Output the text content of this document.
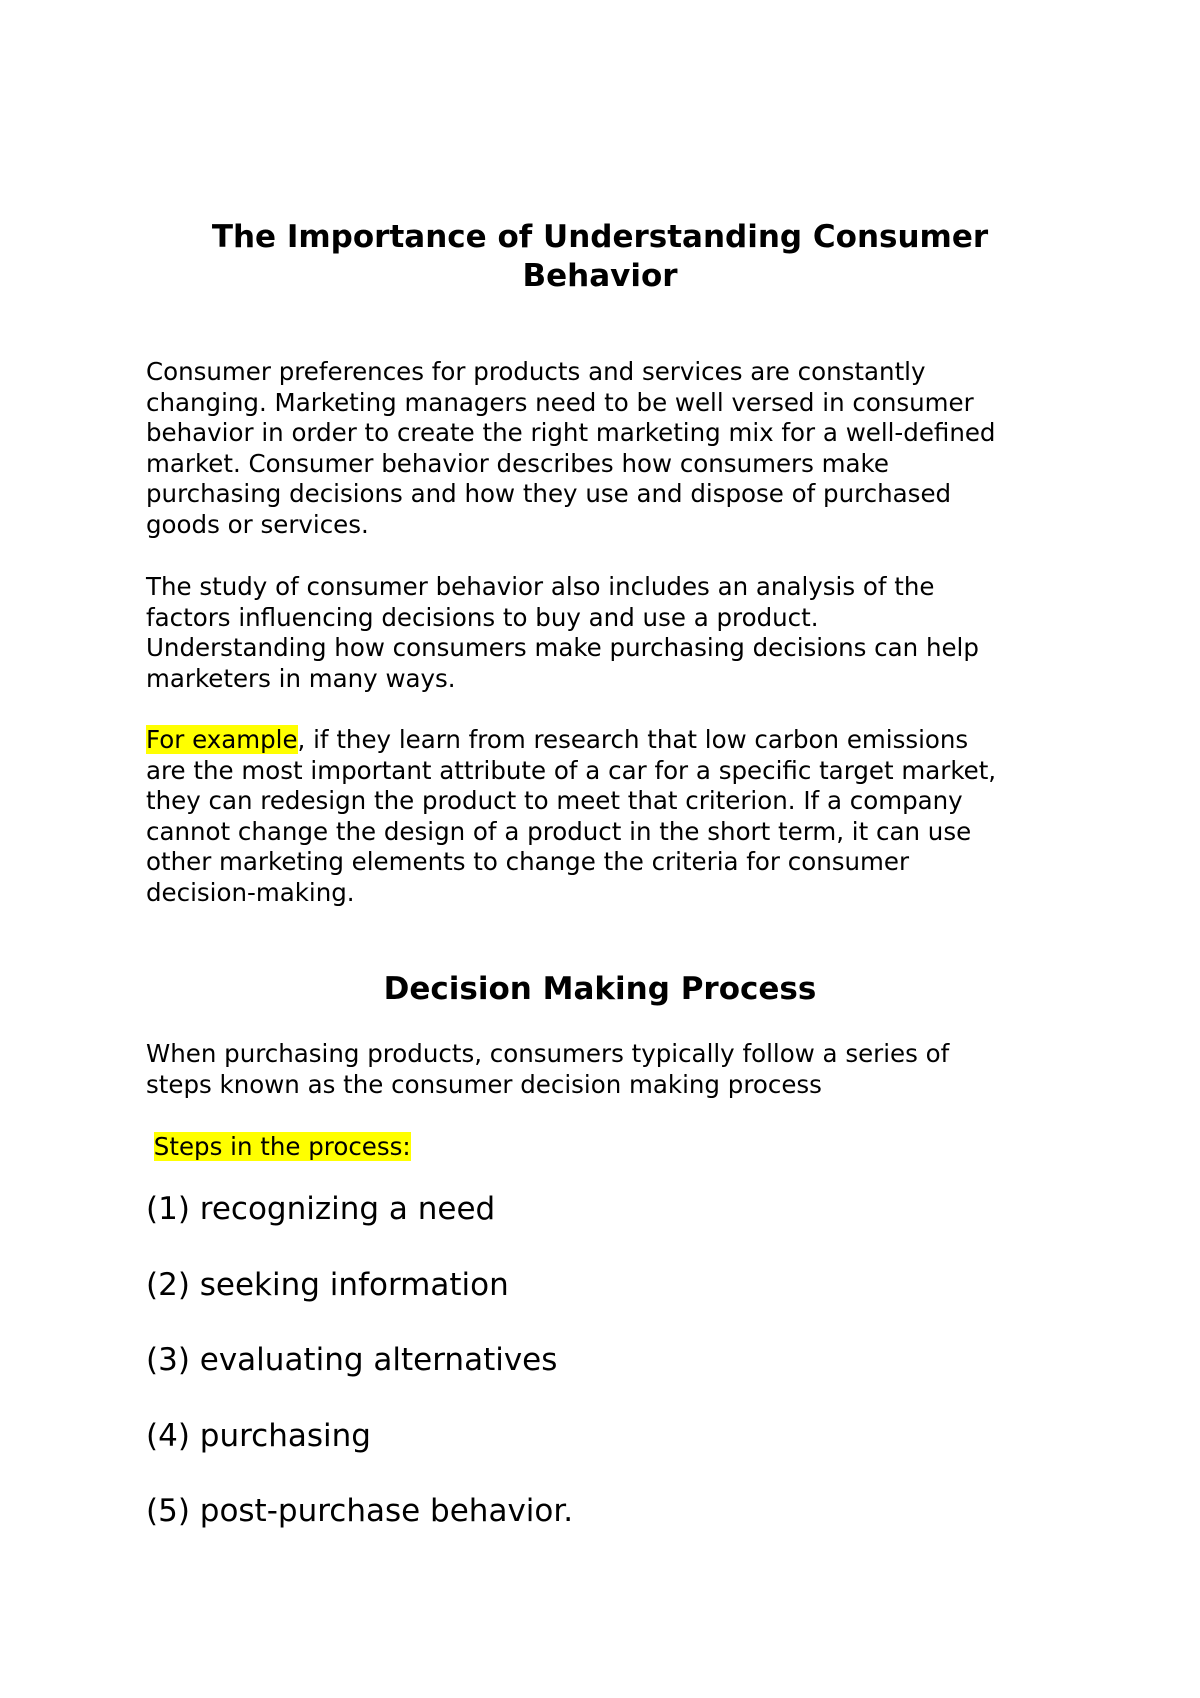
The Importance of Understanding Consumer
Behavior

Consumer preferences for products and services are constantly
changing. Marketing managers need to be well versed in consumer
behavior in order to create the right marketing mix for a well-defined
market. Consumer behavior describes how consumers make
purchasing decisions and how they use and dispose of purchased
goods or services.

The study of consumer behavior also includes an analysis of the
factors influencing decisions to buy and use a product.
Understanding how consumers make purchasing decisions can help
marketers in many ways.

For example, if they learn from research that low carbon emissions
are the most important attribute of a car for a specific target market,
they can redesign the product to meet that criterion. If a company
cannot change the design of a product in the short term, it can use
other marketing elements to change the criteria for consumer
decision-making.

Decision Making Process

When purchasing products, consumers typically follow a series of
steps known as the consumer decision making process

Steps in the process:

(1) recognizing a need
(2) seeking information
(3) evaluating alternatives
(4) purchasing
(5) post-purchase behavior.
